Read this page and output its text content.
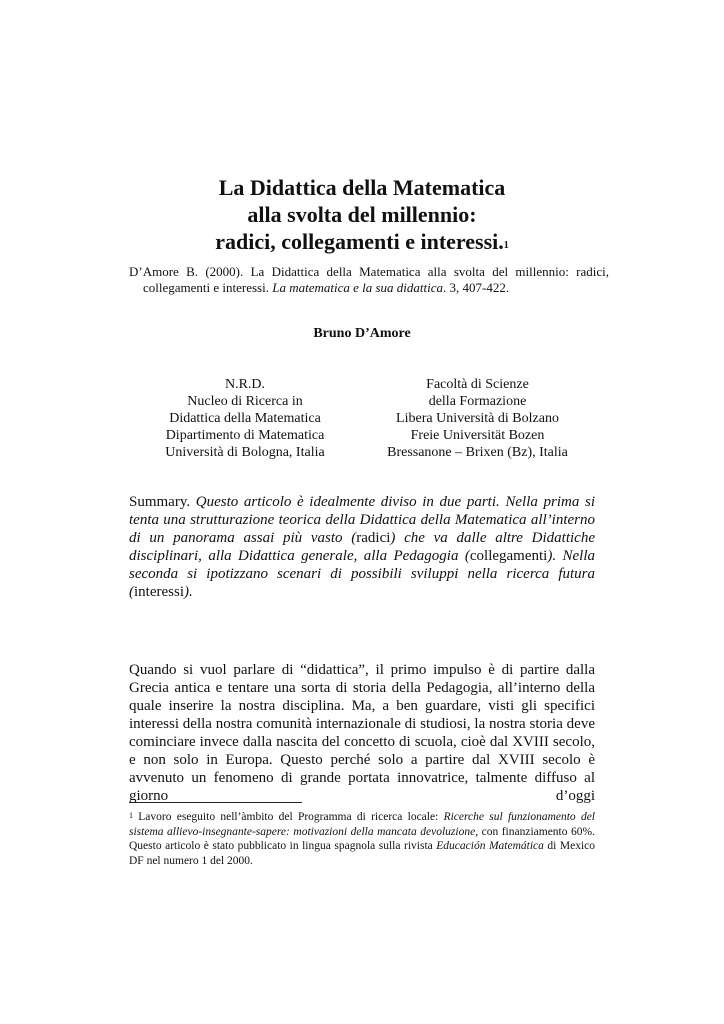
La Didattica della Matematica
alla svolta del millennio:
radici, collegamenti e interessi.$^1$
D’Amore B. (2000). La Didattica della Matematica alla svolta del millennio: radici, collegamenti e interessi. La matematica e la sua didattica. 3, 407-422.
Bruno D’Amore
N.R.D.
Nucleo di Ricerca in
Didattica della Matematica
Dipartimento di Matematica
Università di Bologna, Italia
Facoltà di Scienze
della Formazione
Libera Università di Bolzano
Freie Universität Bozen
Bressanone – Brixen (Bz), Italia
Summary. Questo articolo è idealmente diviso in due parti. Nella prima si tenta una strutturazione teorica della Didattica della Matematica all’interno di un panorama assai più vasto (radici) che va dalle altre Didattiche disciplinari, alla Didattica generale, alla Pedagogia (collegamenti). Nella seconda si ipotizzano scenari di possibili sviluppi nella ricerca futura (interessi).
Quando si vuol parlare di “didattica”, il primo impulso è di partire dalla Grecia antica e tentare una sorta di storia della Pedagogia, all’interno della quale inserire la nostra disciplina. Ma, a ben guardare, visti gli specifici interessi della nostra comunità internazionale di studiosi, la nostra storia deve cominciare invece dalla nascita del concetto di scuola, cioè dal XVIII secolo, e non solo in Europa. Questo perché solo a partire dal XVIII secolo è avvenuto un fenomeno di grande portata innovatrice, talmente diffuso al giorno d’oggi
$^1$ Lavoro eseguito nell’àmbito del Programma di ricerca locale: Ricerche sul funzionamento del sistema allievo-insegnante-sapere: motivazioni della mancata devoluzione, con finanziamento 60%. Questo articolo è stato pubblicato in lingua spagnola sulla rivista Educación Matemática di Mexico DF nel numero 1 del 2000.
